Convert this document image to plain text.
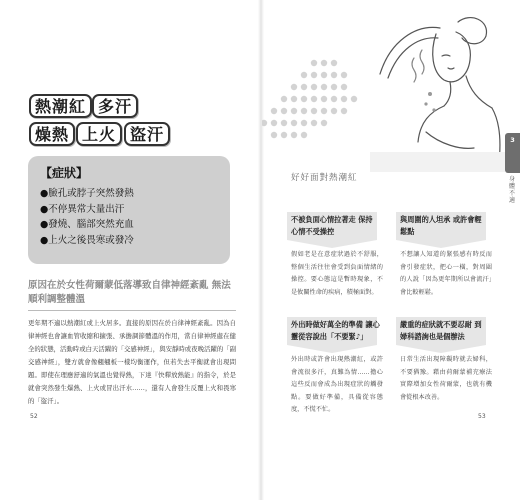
熱潮紅 多汗
燥熱 上火 盜汗
【症狀】
●臉孔或脖子突然發熱
●不停異常大量出汗
●發燒、腦部突然充血
●上火之後畏寒或發冷
原因在於女性荷爾蒙低落導致自律神經紊亂 無法順利調整體溫
更年期不適以熱潮紅或上火居多。直接的原因在於自律神經紊亂。因為自律神經也會讓血管收縮和擴張、承擔調節體溫的作用，當自律神經處在健全的狀態，活動時或白天活躍的「交感神經」，與安靜時或夜晚活躍的「副交感神經」，雙方就會像翹翹板一樣均衡運作，但若失去平衡就會出現問題。即使在理應舒適的氣溫也覺得熱，下達『快釋放熱能』的指令，於是就會突然發生爆熱、上火或冒出汗水……，還有人會發生反覆上火和畏寒的「盜汗」。
52
好好面對熱潮紅
不被負面心情拉著走 保持心情不受操控
假如老是在意症狀過於不舒服，整個生活往往會受到負面情緒的操控。要心態這是暫時現象，不是攸關性命的疾病，積極面對。
與周圍的人坦承 或許會輕鬆點
不想讓人知道的緊張感有時反而會引發症狀，把心一橫，對周圍的人說「因為更年期所以會流汗」會比較輕鬆。
外出時做好萬全的準備 讓心靈從容說出「不要緊♪」
外出時或許會出現熱潮紅，或許會流很多汗，真難為情……擔心這些反而會成為出現症狀的觸發點。要做好準備，具備從容態度，不慌不忙。
嚴重的症狀就不要忍耐 到婦科諮詢也是個辦法
日常生活出現障礙時就去婦科，不要猶豫。藉由荷爾蒙補充療法實際增加女性荷爾蒙，也就有機會從根本改善。
3
身體不適
53
